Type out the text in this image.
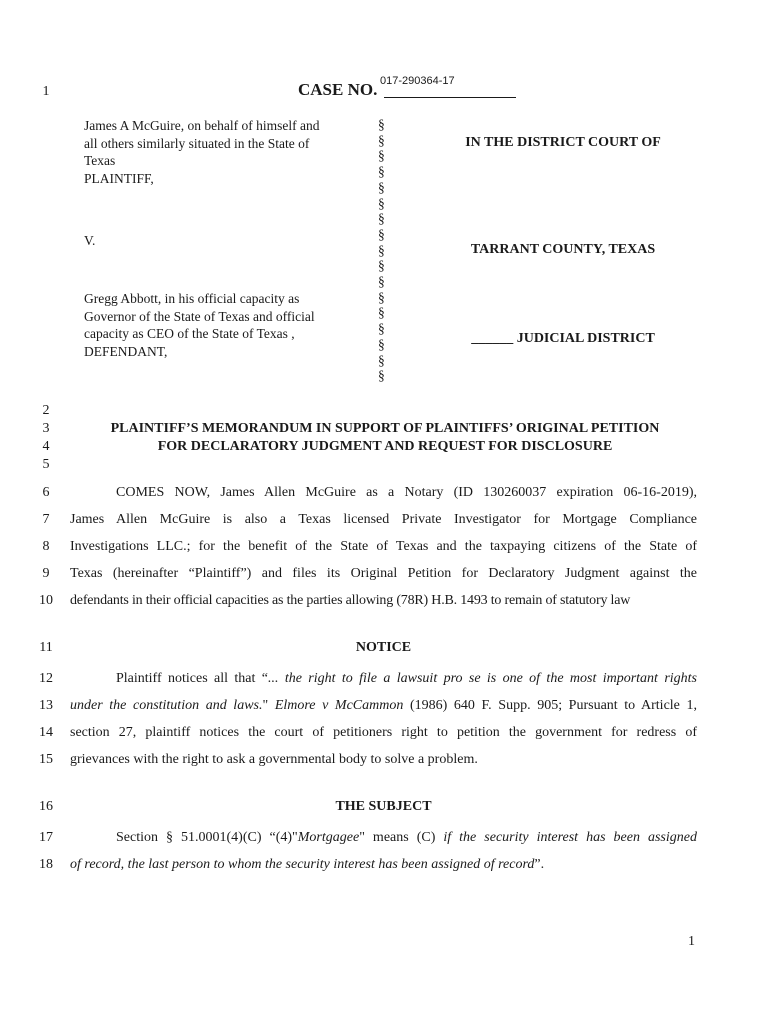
CASE NO. 017-290364-17
1
2
3
4
5
6
7
8
9
10
11
12
13
14
15
16
17
18
James A McGuire, on behalf of himself and
all others similarly situated in the State of
Texas
PLAINTIFF,
V.
Gregg Abbott, in his official capacity as
Governor of the State of Texas and official
capacity as CEO of the State of Texas ,
DEFENDANT,
§ § § § § § § § § § § § § § § § §
IN THE DISTRICT COURT OF
TARRANT COUNTY, TEXAS
______ JUDICIAL DISTRICT
PLAINTIFF’S MEMORANDUM IN SUPPORT OF PLAINTIFFS’ ORIGINAL PETITION
FOR DECLARATORY JUDGMENT AND REQUEST FOR DISCLOSURE
COMES NOW, James Allen McGuire as a Notary (ID 130260037 expiration 06-16-2019),
James Allen McGuire is also a Texas licensed Private Investigator for Mortgage Compliance
Investigations LLC.; for the benefit of the State of Texas and the taxpaying citizens of the State of
Texas (hereinafter “Plaintiff”) and files its Original Petition for Declaratory Judgment against the
defendants in their official capacities as the parties allowing (78R) H.B. 1493 to remain of statutory law
NOTICE
Plaintiff notices all that “... the right to file a lawsuit pro se is one of the most important rights
under the constitution and laws." Elmore v McCammon (1986) 640 F. Supp. 905; Pursuant to Article 1,
section 27, plaintiff notices the court of petitioners right to petition the government for redress of
grievances with the right to ask a governmental body to solve a problem.
THE SUBJECT
Section § 51.0001(4)(C) “(4)"Mortgagee" means (C) if the security interest has been assigned
of record, the last person to whom the security interest has been assigned of record”.
1
